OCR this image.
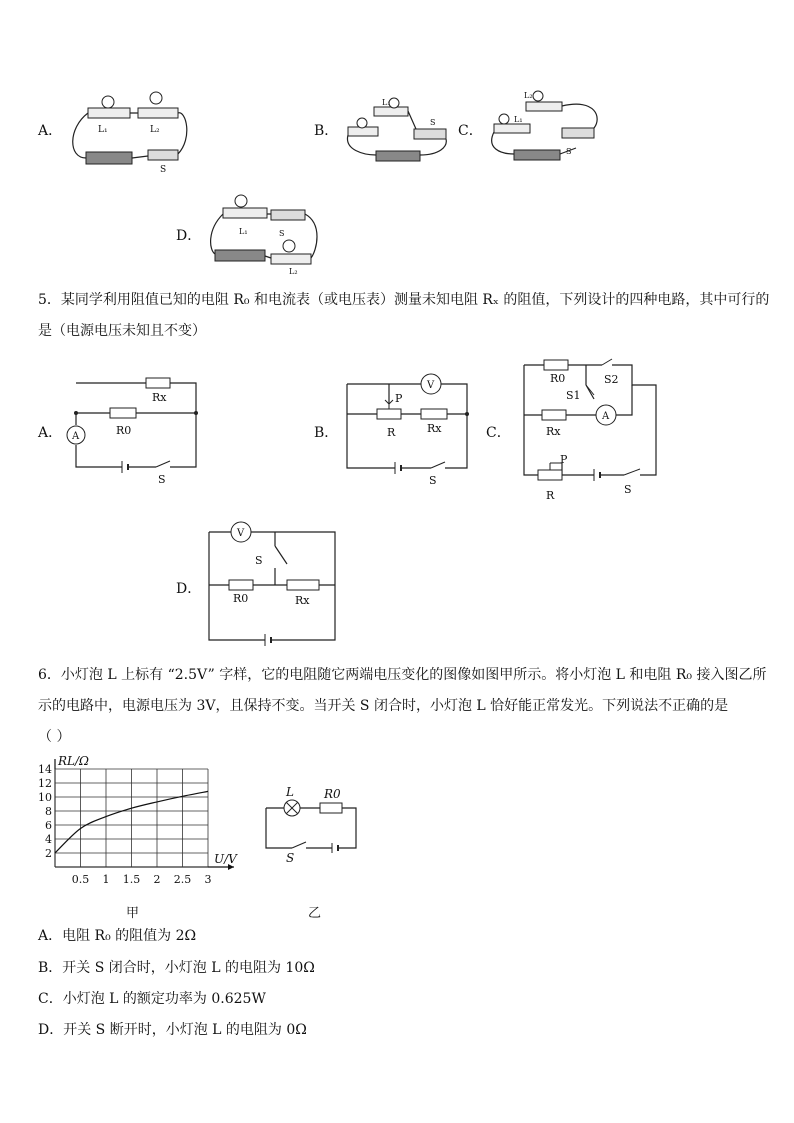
A．	L₁	L₂
S
B．
L₁
S
C．
L₂
L₁
S
D．	L₁	S
L₂
5．某同学利用阻值已知的电阻 R₀ 和电流表（或电压表）测量未知电阻 Rₓ 的阻值，下列设计的四种电路，其中可行的
是（电源电压未知且不变）
A． A
Rx
R0
S
B．
V
P
R	Rx
S
C．
A
R0	S2
S1
Rx
P
R	S
D．
V
S
R0	Rx
6．小灯泡 L 上标有 “2.5V” 字样，它的电阻随它两端电压变化的图像如图甲所示。将小灯泡 L 和电阻 R₀ 接入图乙所
示的电路中，电源电压为 3V，且保持不变。当开关 S 闭合时，小灯泡 L 恰好能正常发光。下列说法不正确的是
（ ）
0.5 1 1.5 2 2.5 3
2
4
6
8
10
12
14
RL/Ω
U/V
甲
L	R0
S
乙
A．电阻 R₀ 的阻值为 2Ω
B．开关 S 闭合时，小灯泡 L 的电阻为 10Ω
C．小灯泡 L 的额定功率为 0.625W
D．开关 S 断开时，小灯泡 L 的电阻为 0Ω
